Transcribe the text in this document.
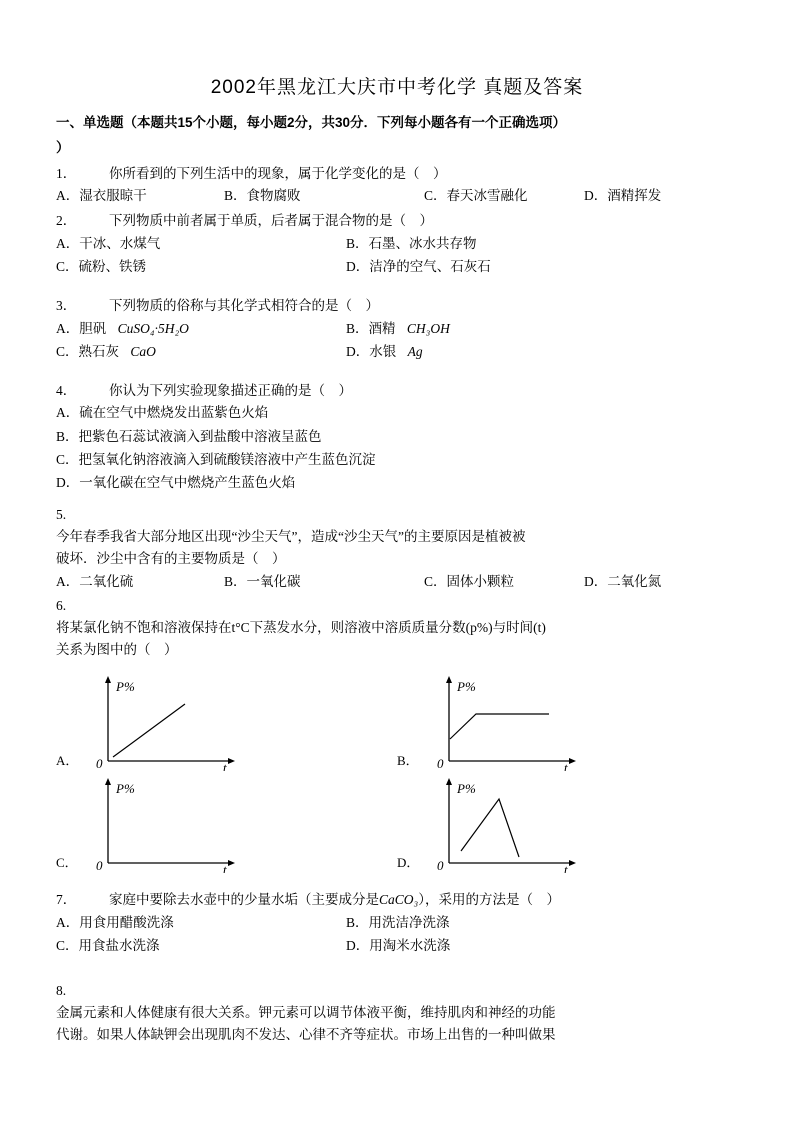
2002年黑龙江大庆市中考化学 真题及答案
一、单选题（本题共15个小题，每小题2分，共30分．下列每小题各有一个正确选项）
）
1． 你所看到的下列生活中的现象，属于化学变化的是（　）
A．湿衣服晾干	B．食物腐败	C．春天冰雪融化	D．酒精挥发
2． 下列物质中前者属于单质，后者属于混合物的是（　）
A．干冰、水煤气	B．石墨、冰水共存物
C．硫粉、铁锈	D．洁净的空气、石灰石
3． 下列物质的俗称与其化学式相符合的是（　）
A．胆矾 CuSO₄·5H₂O	B．酒精 CH₃OH
C．熟石灰 CaO	D．水银 Ag
4． 你认为下列实验现象描述正确的是（　）
A．硫在空气中燃烧发出蓝紫色火焰
B．把紫色石蕊试液滴入到盐酸中溶液呈蓝色
C．把氢氧化钠溶液滴入到硫酸镁溶液中产生蓝色沉淀
D．一氧化碳在空气中燃烧产生蓝色火焰
5.
今年春季我省大部分地区出现“沙尘天气”，造成“沙尘天气”的主要原因是植被被
破坏．沙尘中含有的主要物质是（　）
A．二氧化硫	B．一氧化碳	C．固体小颗粒	D．二氧化氮
6.
将某氯化钠不饱和溶液保持在t°C下蒸发水分，则溶液中溶质质量分数(p%)与时间(t)
关系为图中的（　）
A．
P%
t
0	B．
P%
t
0
C．
P%
t
0	D．
P%
t
0
7． 家庭中要除去水壶中的少量水垢（主要成分是CaCO₃），采用的方法是（　）
A．用食用醋酸洗涤	B．用洗洁净洗涤
C．用食盐水洗涤	D．用淘米水洗涤
8.
金属元素和人体健康有很大关系。钾元素可以调节体液平衡，维持肌肉和神经的功能
代谢。如果人体缺钾会出现肌肉不发达、心律不齐等症状。市场上出售的一种叫做果
